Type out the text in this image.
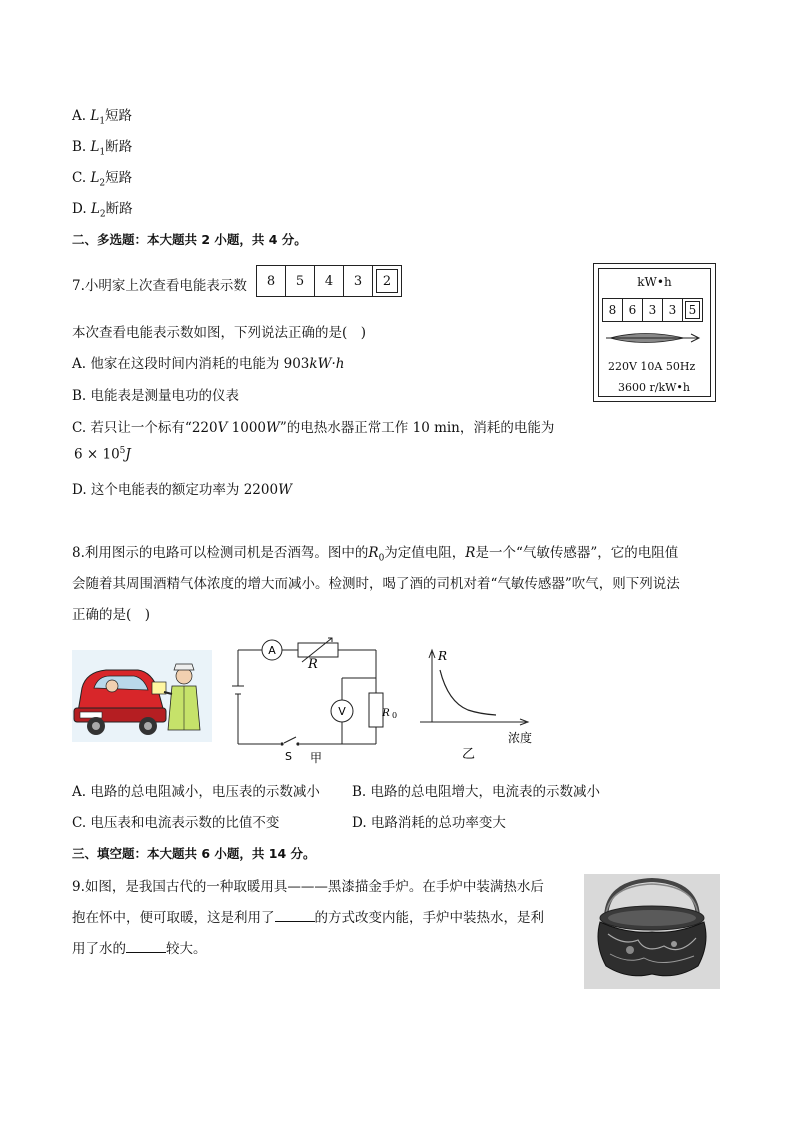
A. $L_1$短路
B. $L_1$断路
C. $L_2$短路
D. $L_2$断路
二、多选题：本大题共 2 小题，共 4 分。
7.小明家上次查看电能表示数	8	5	4	3	2	kW•h
8	6	3	3	5
220V 10A 50Hz
3600 r/kW•h
本次查看电能表示数如图，下列说法正确的是(　)
A. 他家在这段时间内消耗的电能为 903kW·h
B. 电能表是测量电功的仪表
C. 若只让一个标有“220V 1000W”的电热水器正常工作 10 min，消耗的电能为
$6 \times 10^5J$
D. 这个电能表的额定功率为 2200W
8.利用图示的电路可以检测司机是否酒驾。图中的$R_0$为定值电阻，R是一个“气敏传感器”，它的电阻值
会随着其周围酒精气体浓度的增大而减小。检测时，喝了酒的司机对着“气敏传感器”吹气，则下列说法
正确的是(　)
A
V
R
R 0
S 甲
R
浓度
乙
A. 电路的总电阻减小，电压表的示数减小 B. 电路的总电阻增大，电流表的示数减小
C. 电压表和电流表示数的比值不变	D. 电路消耗的总功率变大
三、填空题：本大题共 6 小题，共 14 分。
9.如图，是我国古代的一种取暖用具———黑漆描金手炉。在手炉中装满热水后
抱在怀中，便可取暖，这是利用了	的方式改变内能，手炉中装热水，是利
用了水的	较大。
